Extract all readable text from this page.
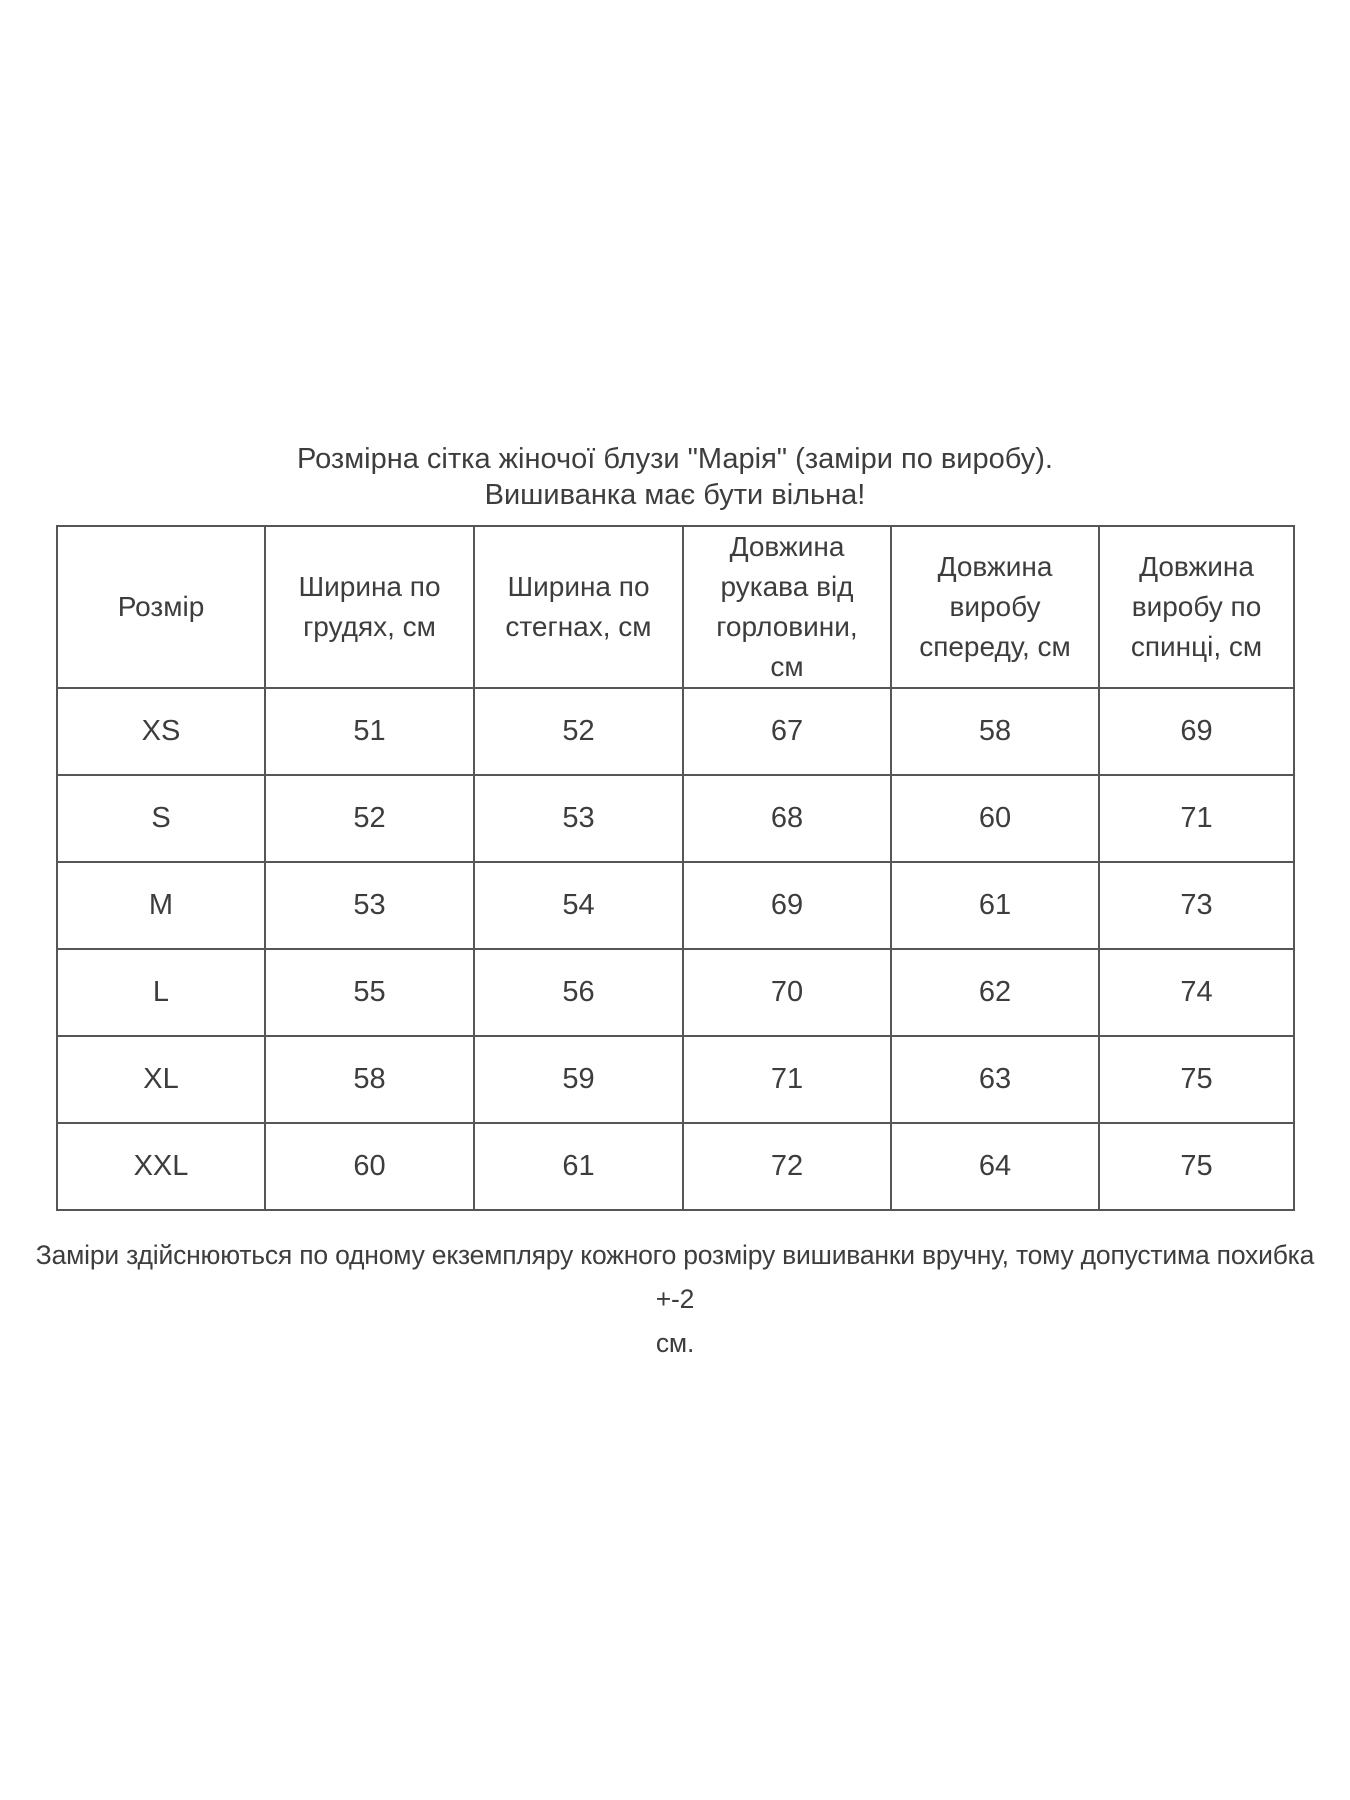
Розмірна сітка жіночої блузи "Марія" (заміри по виробу).
Вишиванка має бути вільна!
Розмір	Ширина по грудях, см	Ширина по стегнах, см	Довжина рукава від горловини, см	Довжина виробу спереду, см	Довжина виробу по спинці, см
XS	51	52	67	58	69
S	52	53	68	60	71
M	53	54	69	61	73
L	55	56	70	62	74
XL	58	59	71	63	75
XXL	60	61	72	64	75
Заміри здійснюються по одному екземпляру кожного розміру вишиванки вручну, тому допустима похибка +-2
см.
